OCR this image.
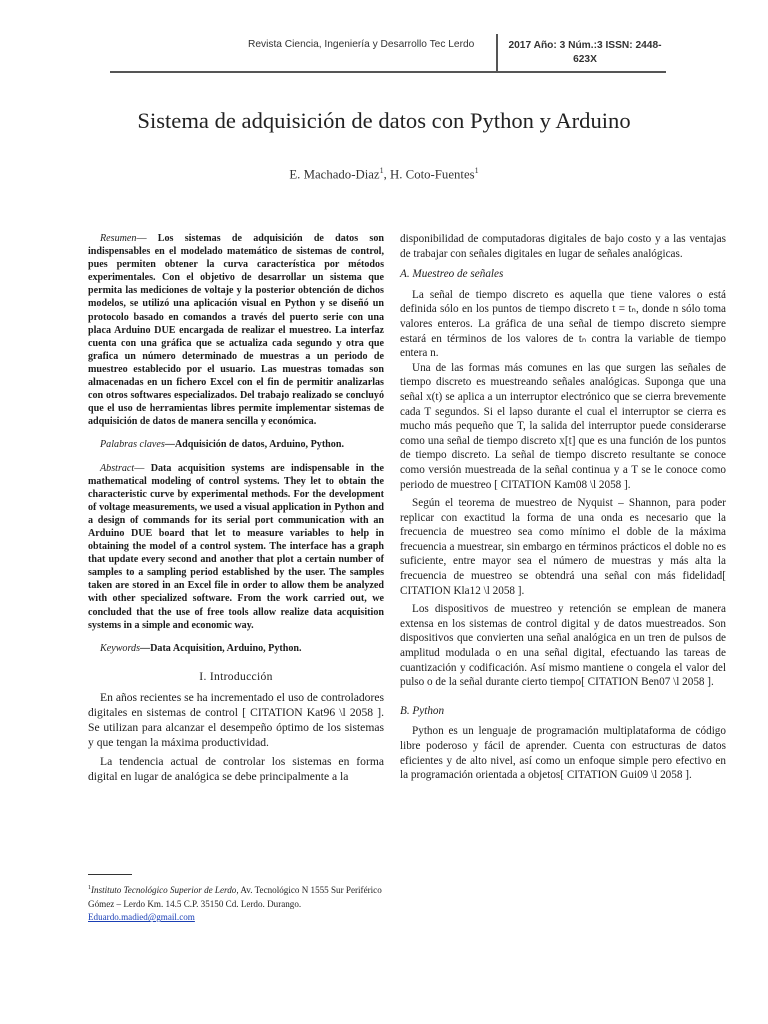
Revista Ciencia, Ingeniería y Desarrollo Tec Lerdo	2017 Año: 3 Núm.:3 ISSN: 2448-623X
Sistema de adquisición de datos con Python y Arduino
E. Machado-Diaz$^1$, H. Coto-Fuentes$^1$

Resumen— Los sistemas de adquisición de datos son indispensables en el modelado matemático de sistemas de control, pues permiten obtener la curva característica por métodos experimentales. Con el objetivo de desarrollar un sistema que permita las mediciones de voltaje y la posterior obtención de dichos modelos, se utilizó una aplicación visual en Python y se diseñó un protocolo basado en comandos a través del puerto serie con una placa Arduino DUE encargada de realizar el muestreo. La interfaz cuenta con una gráfica que se actualiza cada segundo y otra que grafica un número determinado de muestras a un periodo de muestreo establecido por el usuario. Las muestras tomadas son almacenadas en un fichero Excel con el fin de permitir analizarlas con otros softwares especializados. Del trabajo realizado se concluyó que el uso de herramientas libres permite implementar sistemas de adquisición de datos de manera sencilla y económica.

Palabras claves—Adquisición de datos, Arduino, Python.

Abstract— Data acquisition systems are indispensable in the mathematical modeling of control systems. They let to obtain the characteristic curve by experimental methods. For the development of voltage measurements, we used a visual application in Python and a design of commands for its serial port communication with an Arduino DUE board that let to measure variables to help in obtaining the model of a control system. The interface has a graph that update every second and another that plot a certain number of samples to a sampling period established by the user. The samples taken are stored in an Excel file in order to allow them be analyzed with other specialized software. From the work carried out, we concluded that the use of free tools allow realize data acquisition systems in a simple and economic way.

Keywords—Data Acquisition, Arduino, Python.

I. Introducción

En años recientes se ha incrementado el uso de controladores digitales en sistemas de control [ CITATION Kat96 \l 2058 ]. Se utilizan para alcanzar el desempeño óptimo de los sistemas y que tengan la máxima productividad.

La tendencia actual de controlar los sistemas en forma digital en lugar de analógica se debe principalmente a la

$^1$Instituto Tecnológico Superior de Lerdo, Av. Tecnológico N 1555 Sur Periférico Gómez – Lerdo Km. 14.5 C.P. 35150 Cd. Lerdo. Durango.
Eduardo.madied@gmail.com

disponibilidad de computadoras digitales de bajo costo y a las ventajas de trabajar con señales digitales en lugar de señales analógicas.

A. Muestreo de señales

La señal de tiempo discreto es aquella que tiene valores o está definida sólo en los puntos de tiempo discreto t = tₙ, donde n sólo toma valores enteros. La gráfica de una señal de tiempo discreto siempre estará en términos de los valores de tₙ contra la variable de tiempo entera n.

Una de las formas más comunes en las que surgen las señales de tiempo discreto es muestreando señales analógicas. Suponga que una señal x(t) se aplica a un interruptor electrónico que se cierra brevemente cada T segundos. Si el lapso durante el cual el interruptor se cierra es mucho más pequeño que T, la salida del interruptor puede considerarse como una señal de tiempo discreto x[t] que es una función de los puntos de tiempo discreto. La señal de tiempo discreto resultante se conoce como versión muestreada de la señal continua y a T se le conoce como periodo de muestreo [ CITATION Kam08 \l 2058 ].

Según el teorema de muestreo de Nyquist – Shannon, para poder replicar con exactitud la forma de una onda es necesario que la frecuencia de muestreo sea como mínimo el doble de la máxima frecuencia a muestrear, sin embargo en términos prácticos el doble no es suficiente, entre mayor sea el número de muestras y más alta la frecuencia de muestreo se obtendrá una señal con más fidelidad[ CITATION Kla12 \l 2058 ].

Los dispositivos de muestreo y retención se emplean de manera extensa en los sistemas de control digital y de datos muestreados. Son dispositivos que convierten una señal analógica en un tren de pulsos de amplitud modulada o en una señal digital, efectuando las tareas de cuantización y codificación. Así mismo mantiene o congela el valor del pulso o de la señal durante cierto tiempo[ CITATION Ben07 \l 2058 ].

B. Python

Python es un lenguaje de programación multiplataforma de código libre poderoso y fácil de aprender. Cuenta con estructuras de datos eficientes y de alto nivel, así como un enfoque simple pero efectivo en la programación orientada a objetos[ CITATION Gui09 \l 2058 ].
